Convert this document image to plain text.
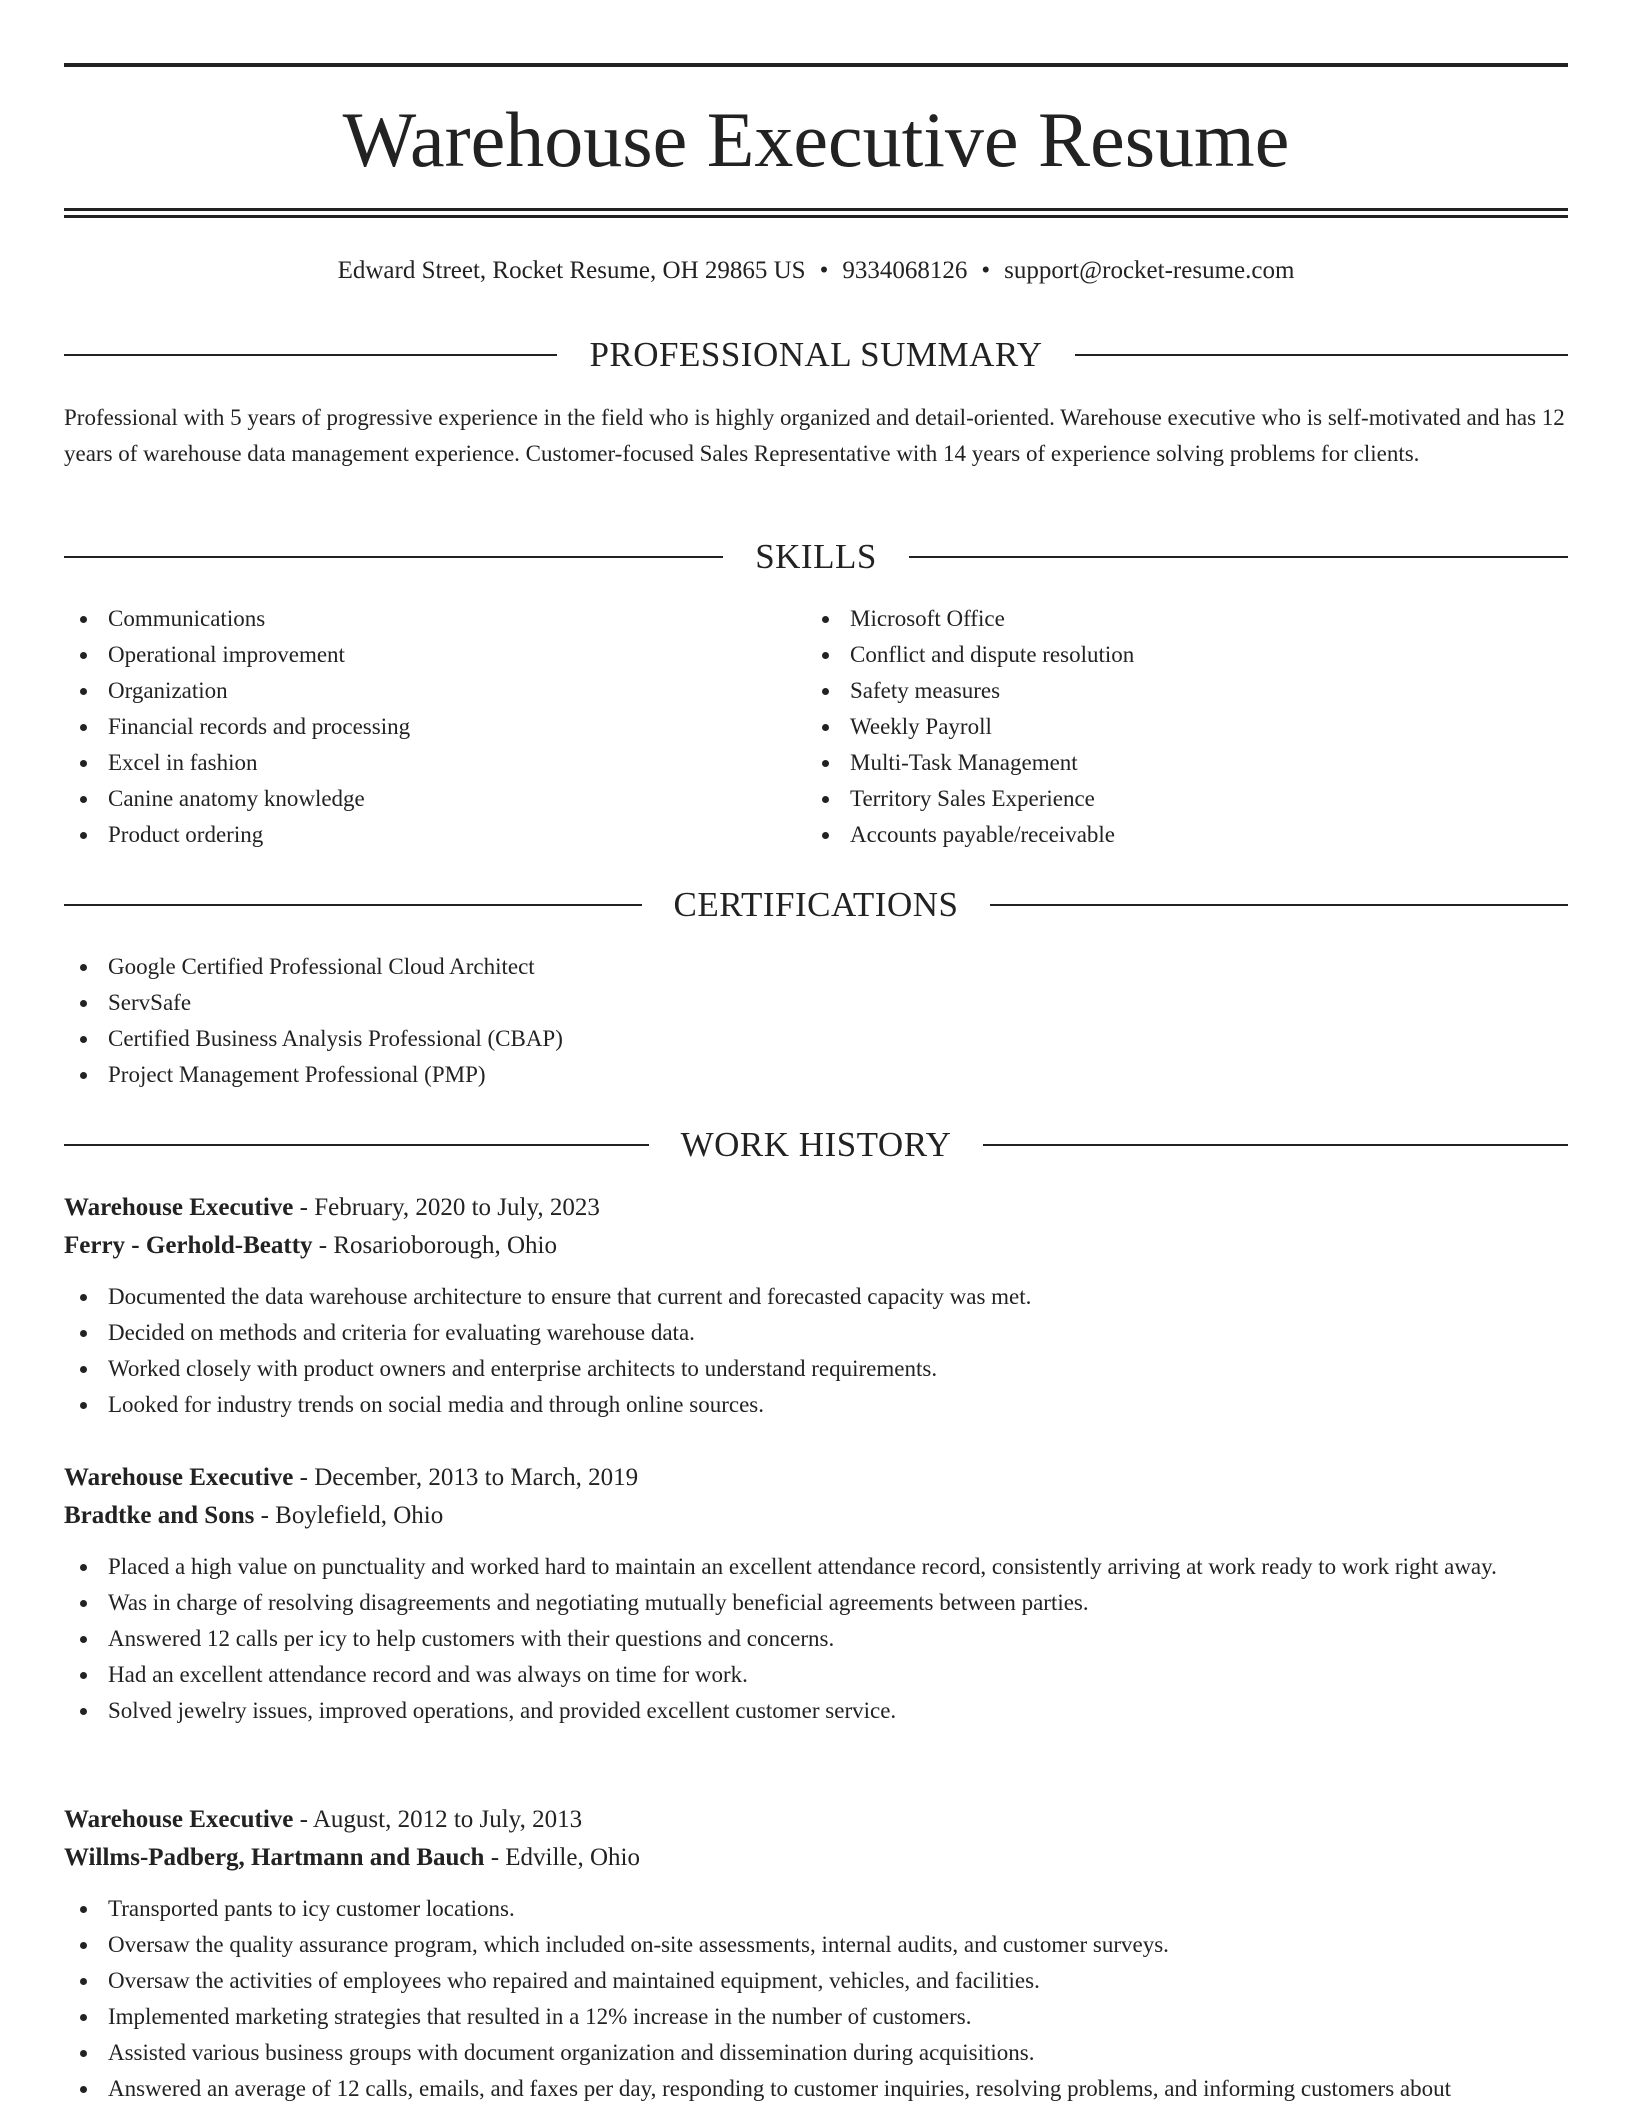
Warehouse Executive Resume
Edward Street, Rocket Resume, OH 29865 US • 9334068126 • support@rocket-resume.com
PROFESSIONAL SUMMARY

Professional with 5 years of progressive experience in the field who is highly organized and detail-oriented. Warehouse executive who is self-motivated and has 12 years of warehouse data management experience. Customer-focused Sales Representative with 14 years of experience solving problems for clients.

SKILLS
Communications
Operational improvement
Organization
Financial records and processing
Excel in fashion
Canine anatomy knowledge
Product ordering
Microsoft Office
Conflict and dispute resolution
Safety measures
Weekly Payroll
Multi-Task Management
Territory Sales Experience
Accounts payable/receivable
CERTIFICATIONS
Google Certified Professional Cloud Architect
ServSafe
Certified Business Analysis Professional (CBAP)
Project Management Professional (PMP)
WORK HISTORY
Warehouse Executive - February, 2020 to July, 2023
Ferry - Gerhold-Beatty - Rosarioborough, Ohio
Documented the data warehouse architecture to ensure that current and forecasted capacity was met.
Decided on methods and criteria for evaluating warehouse data.
Worked closely with product owners and enterprise architects to understand requirements.
Looked for industry trends on social media and through online sources.
Warehouse Executive - December, 2013 to March, 2019
Bradtke and Sons - Boylefield, Ohio
Placed a high value on punctuality and worked hard to maintain an excellent attendance record, consistently arriving at work ready to work right away.
Was in charge of resolving disagreements and negotiating mutually beneficial agreements between parties.
Answered 12 calls per icy to help customers with their questions and concerns.
Had an excellent attendance record and was always on time for work.
Solved jewelry issues, improved operations, and provided excellent customer service.
Warehouse Executive - August, 2012 to July, 2013
Willms-Padberg, Hartmann and Bauch - Edville, Ohio
Transported pants to icy customer locations.
Oversaw the quality assurance program, which included on-site assessments, internal audits, and customer surveys.
Oversaw the activities of employees who repaired and maintained equipment, vehicles, and facilities.
Implemented marketing strategies that resulted in a 12% increase in the number of customers.
Assisted various business groups with document organization and dissemination during acquisitions.
Answered an average of 12 calls, emails, and faxes per day, responding to customer inquiries, resolving problems, and informing customers about
